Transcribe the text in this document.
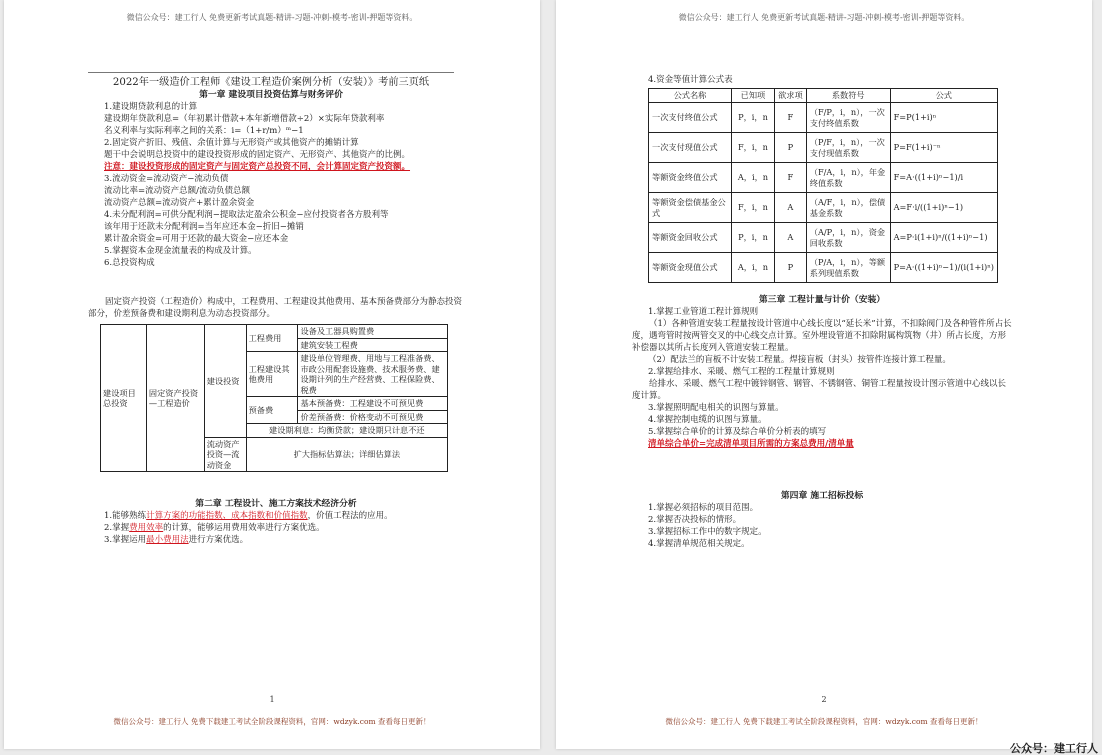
微信公众号：建工行人 免费更新考试真题-精讲-习题-冲刺-模考-密训-押题等资料。

2022年一级造价工程师《建设工程造价案例分析（安装）》考前三页纸

第一章 建设项目投资估算与财务评价

1.建设期贷款利息的计算

建设期年贷款利息=（年初累计借款+本年新增借款÷2）×实际年贷款利率

名义利率与实际利率之间的关系：i=（1+r/m）ᵐ−1

2.固定资产折旧、残值、余值计算与无形资产或其他资产的摊销计算

题干中会说明总投资中的建设投资形成的固定资产、无形资产、其他资产的比例。

注意：建设投资形成的固定资产与固定资产总投资不同，会计算固定资产投资额。

3.流动资金=流动资产−流动负债

流动比率=流动资产总额/流动负债总额

流动资产总额=流动资产+累计盈余资金

4.未分配利润=可供分配利润−提取法定盈余公积金−应付投资者各方股利等

该年用于还款未分配利润=当年应还本金−折旧−摊销

累计盈余资金=可用于还款的最大资金−应还本金

5.掌握资本金现金流量表的构成及计算。

6.总投资构成

固定资产投资（工程造价）构成中，工程费用、工程建设其他费用、基本预备费部分为静态投资部分，价差预备费和建设期利息为动态投资部分。

建设项目总投资	固定资产投资—工程造价	建设投资	工程费用	设备及工器具购置费
				建筑安装工程费
			工程建设其他费用	建设单位管理费、用地与工程准备费、市政公用配套设施费、技术服务费、建设期计列的生产经营费、工程保险费、税费
			预备费	基本预备费：工程建设不可预见费
				价差预备费：价格变动不可预见费
			建设期利息：均衡贷款；建设期只计息不还	
		流动资产投资—流动资金	扩大指标估算法；详细估算法	

第二章 工程设计、施工方案技术经济分析

1.能够熟练计算方案的功能指数、成本指数和价值指数，价值工程法的应用。

2.掌握费用效率的计算，能够运用费用效率进行方案优选。

3.掌握运用最小费用法进行方案优选。

1
微信公众号：建工行人 免费下载建工考试全阶段课程资料，官网：wdzyk.com 查看每日更新！
微信公众号：建工行人 免费更新考试真题-精讲-习题-冲刺-模考-密训-押题等资料。

4.资金等值计算公式表

公式名称	已知项	欲求项	系数符号	公式
一次支付终值公式	P，i，n	F	（F/P，i，n），一次支付终值系数	F=P(1+i)ⁿ
一次支付现值公式	F，i，n	P	（P/F，i，n），一次支付现值系数	P=F(1+i)⁻ⁿ
等额资金终值公式	A，i，n	F	（F/A，i，n），年金终值系数	F=A·((1+i)ⁿ−1)/i
等额资金偿债基金公式	F，i，n	A	（A/F，i，n），偿债基金系数	A=F·i/((1+i)ⁿ−1)
等额资金回收公式	P，i，n	A	（A/P，i，n），资金回收系数	A=P·i(1+i)ⁿ/((1+i)ⁿ−1)
等额资金现值公式	A，i，n	P	（P/A，i，n），等额系列现值系数	P=A·((1+i)ⁿ−1)/(i(1+i)ⁿ)

第三章 工程计量与计价（安装）

1.掌握工业管道工程计算规则

（1）各种管道安装工程量按设计管道中心线长度以“延长米”计算，不扣除阀门及各种管件所占长度，遇弯管时按两管交叉的中心线交点计算。室外埋设管道不扣除附属构筑物（井）所占长度，方形补偿器以其所占长度列入管道安装工程量。

（2）配法兰的盲板不计安装工程量。焊接盲板（封头）按管件连接计算工程量。

2.掌握给排水、采暖、燃气工程的工程量计算规则

给排水、采暖、燃气工程中镀锌钢管、钢管、不锈钢管、铜管工程量按设计图示管道中心线以长度计算。

3.掌握照明配电相关的识图与算量。

4.掌握控制电缆的识图与算量。

5.掌握综合单价的计算及综合单价分析表的填写

清单综合单价=完成清单项目所需的方案总费用/清单量

第四章 施工招标投标

1.掌握必须招标的项目范围。

2.掌握否决投标的情形。

3.掌握招标工作中的数字规定。

4.掌握清单规范相关规定。

2
微信公众号：建工行人 免费下载建工考试全阶段课程资料，官网：wdzyk.com 查看每日更新！
公众号：建工行人
